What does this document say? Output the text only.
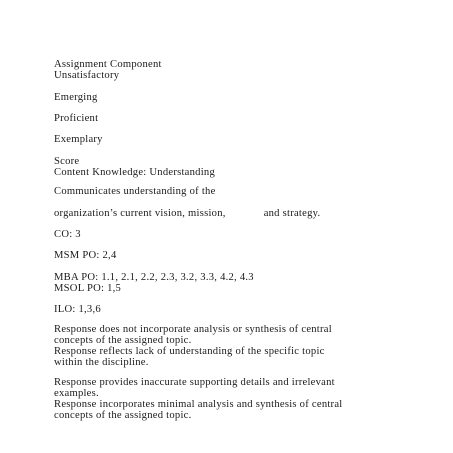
Assignment Component
Unsatisfactory
Emerging
Proficient
Exemplary
Score
Content Knowledge: Understanding
Communicates understanding of the
organization’s current vision, mission,	and strategy.
CO: 3
MSM PO: 2,4
MBA PO: 1.1, 2.1, 2.2, 2.3, 3.2, 3.3, 4.2, 4.3
MSOL PO: 1,5
ILO: 1,3,6
Response does not incorporate analysis or synthesis of central
concepts of the assigned topic.
Response reflects lack of understanding of the specific topic
within the discipline.
Response provides inaccurate supporting details and irrelevant
examples.
Response incorporates minimal analysis and synthesis of central
concepts of the assigned topic.
